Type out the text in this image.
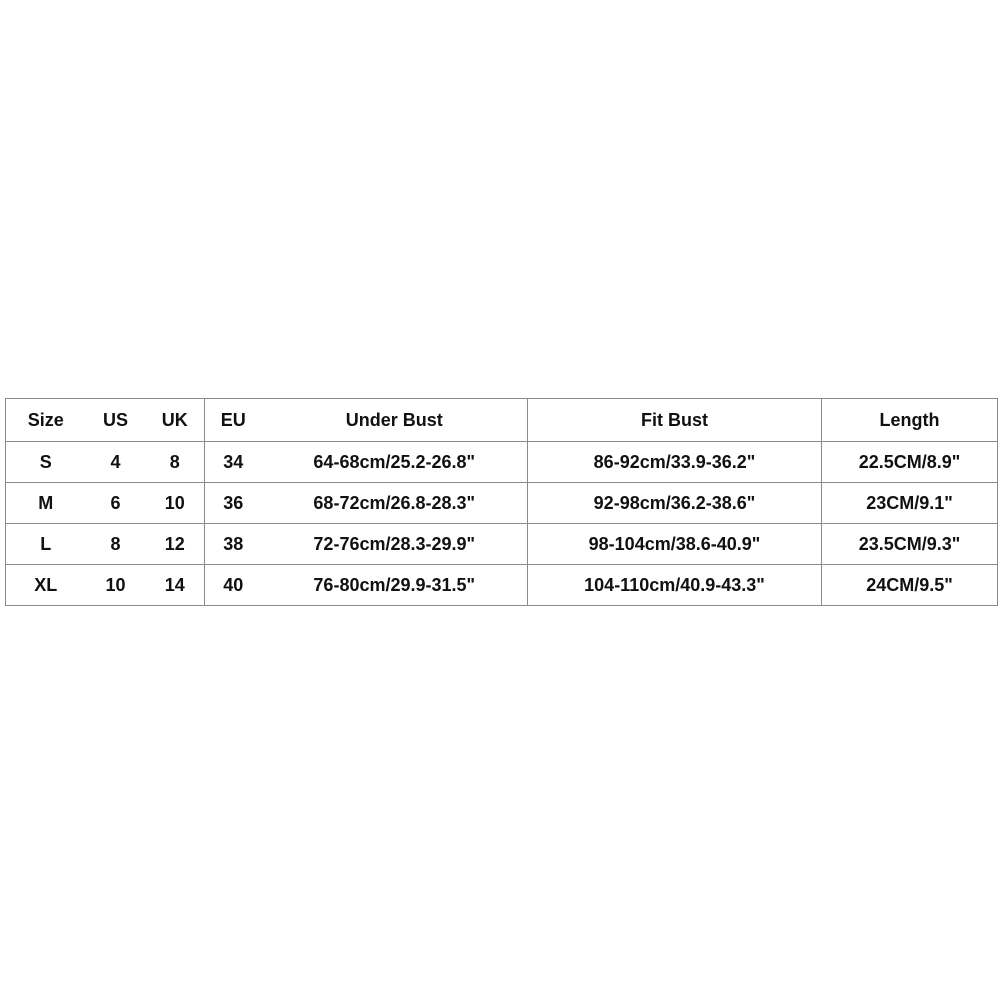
Size	US	UK	EU	Under Bust	Fit Bust	Length
S	4	8	34	64-68cm/25.2-26.8"	86-92cm/33.9-36.2"	22.5CM/8.9"
M	6	10	36	68-72cm/26.8-28.3"	92-98cm/36.2-38.6"	23CM/9.1"
L	8	12	38	72-76cm/28.3-29.9"	98-104cm/38.6-40.9"	23.5CM/9.3"
XL	10	14	40	76-80cm/29.9-31.5"	104-110cm/40.9-43.3"	24CM/9.5"
